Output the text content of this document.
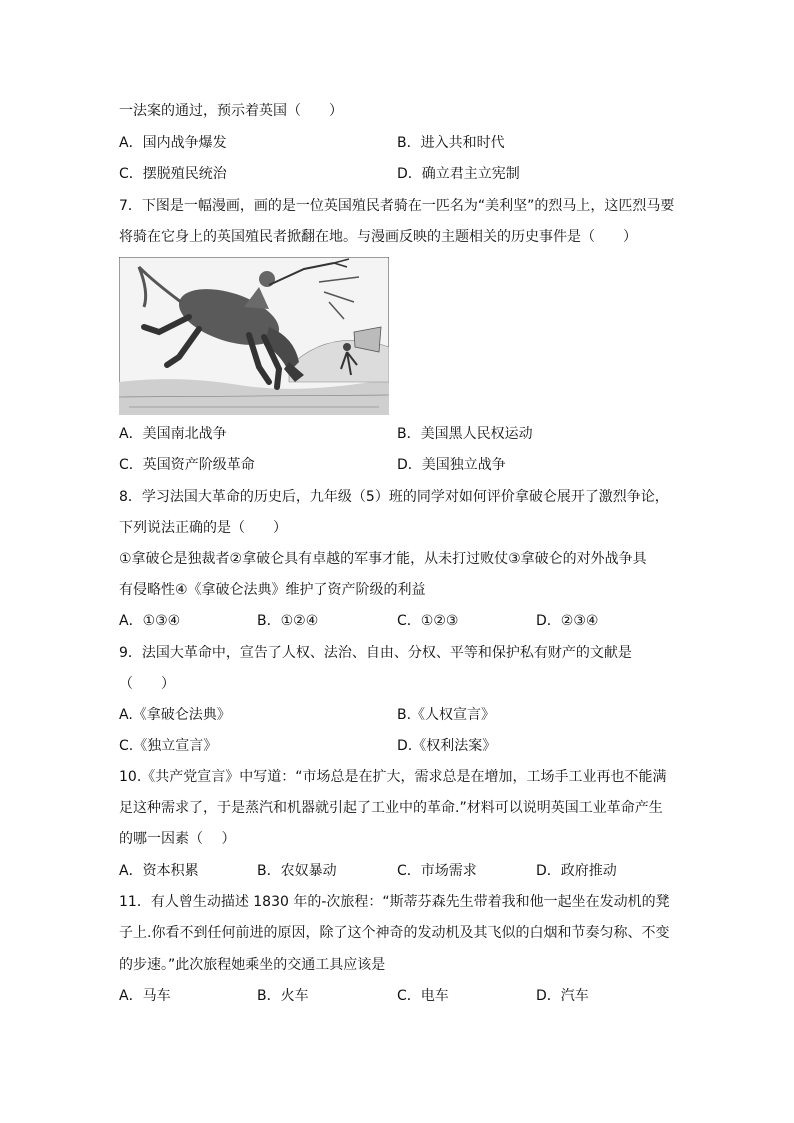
一法案的通过，预示着英国（　　）
A．国内战争爆发	B．进入共和时代
C．摆脱殖民统治	D．确立君主立宪制
7．下图是一幅漫画，画的是一位英国殖民者骑在一匹名为“美利坚”的烈马上，这匹烈马要
将骑在它身上的英国殖民者掀翻在地。与漫画反映的主题相关的历史事件是（　　）
A．美国南北战争	B．美国黑人民权运动
C．英国资产阶级革命	D．美国独立战争
8．学习法国大革命的历史后，九年级（5）班的同学对如何评价拿破仑展开了激烈争论，
下列说法正确的是（　　）
①拿破仑是独裁者②拿破仑具有卓越的军事才能，从未打过败仗③拿破仑的对外战争具
有侵略性④《拿破仑法典》维护了资产阶级的利益
A．①③④	B．①②④	C．①②③	D．②③④
9．法国大革命中，宣告了人权、法治、自由、分权、平等和保护私有财产的文献是
（　　）
A.《拿破仑法典》	B.《人权宣言》
C.《独立宣言》	D.《权利法案》
10.《共产党宣言》中写道：“市场总是在扩大，需求总是在增加，工场手工业再也不能满
足这种需求了，于是蒸汽和机器就引起了工业中的革命.”材料可以说明英国工业革命产生
的哪一因素（　 ）
A．资本积累	B．农奴暴动	C．市场需求	D．政府推动
11．有人曾生动描述 1830 年的-次旅程：“斯蒂芬森先生带着我和他一起坐在发动机的凳
子上.你看不到任何前进的原因，除了这个神奇的发动机及其飞似的白烟和节奏匀称、不变
的步速。”此次旅程她乘坐的交通工具应该是
A．马车	B．火车	C．电车	D．汽车
